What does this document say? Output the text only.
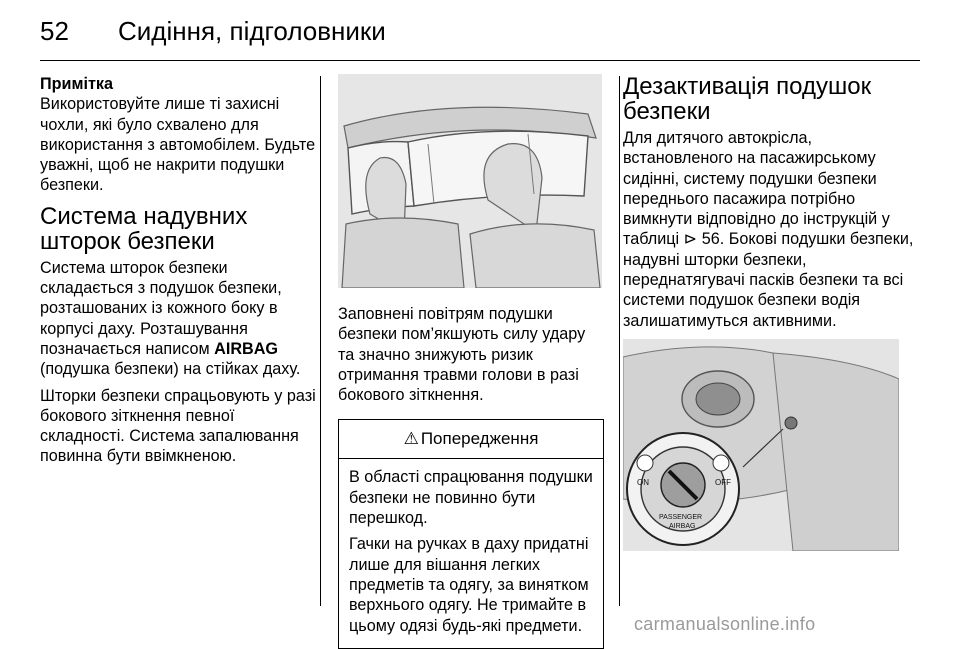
52 Сидіння, підголовники

Примітка

Використовуйте лише ті захисні чохли, які було схвалено для використання з автомобілем. Будьте уважні, щоб не накрити подушки безпеки.

Система надувних шторок безпеки

Система шторок безпеки складається з подушок безпеки, розташованих із кожного боку в корпусі даху. Розташування позначається написом AIRBAG (подушка безпеки) на стійках даху.

Шторки безпеки спрацьовують у разі бокового зіткнення певної складності. Система запалювання повинна бути ввімкненою.

Заповнені повітрям подушки безпеки пом’якшують силу удару та значно знижують ризик отримання травми голови в разі бокового зіткнення.

⚠ Попередження

В області спрацювання подушки безпеки не повинно бути перешкод.

Гачки на ручках в даху придатні лише для вішання легких предметів та одягу, за винятком верхнього одягу. Не тримайте в цьому одязі будь-які предмети.

Дезактивація подушок безпеки

Для дитячого автокрісла, встановленого на пасажирському сидінні, систему подушки безпеки переднього пасажира потрібно вимкнути відповідно до інструкцій у таблиці ⊳ 56. Бокові подушки безпеки, надувні шторки безпеки, переднатягувачі пасків безпеки та всі системи подушок безпеки водія залишатимуться активними.

ON	OFF
PASSENGER
AIRBAG
carmanualsonline.info
